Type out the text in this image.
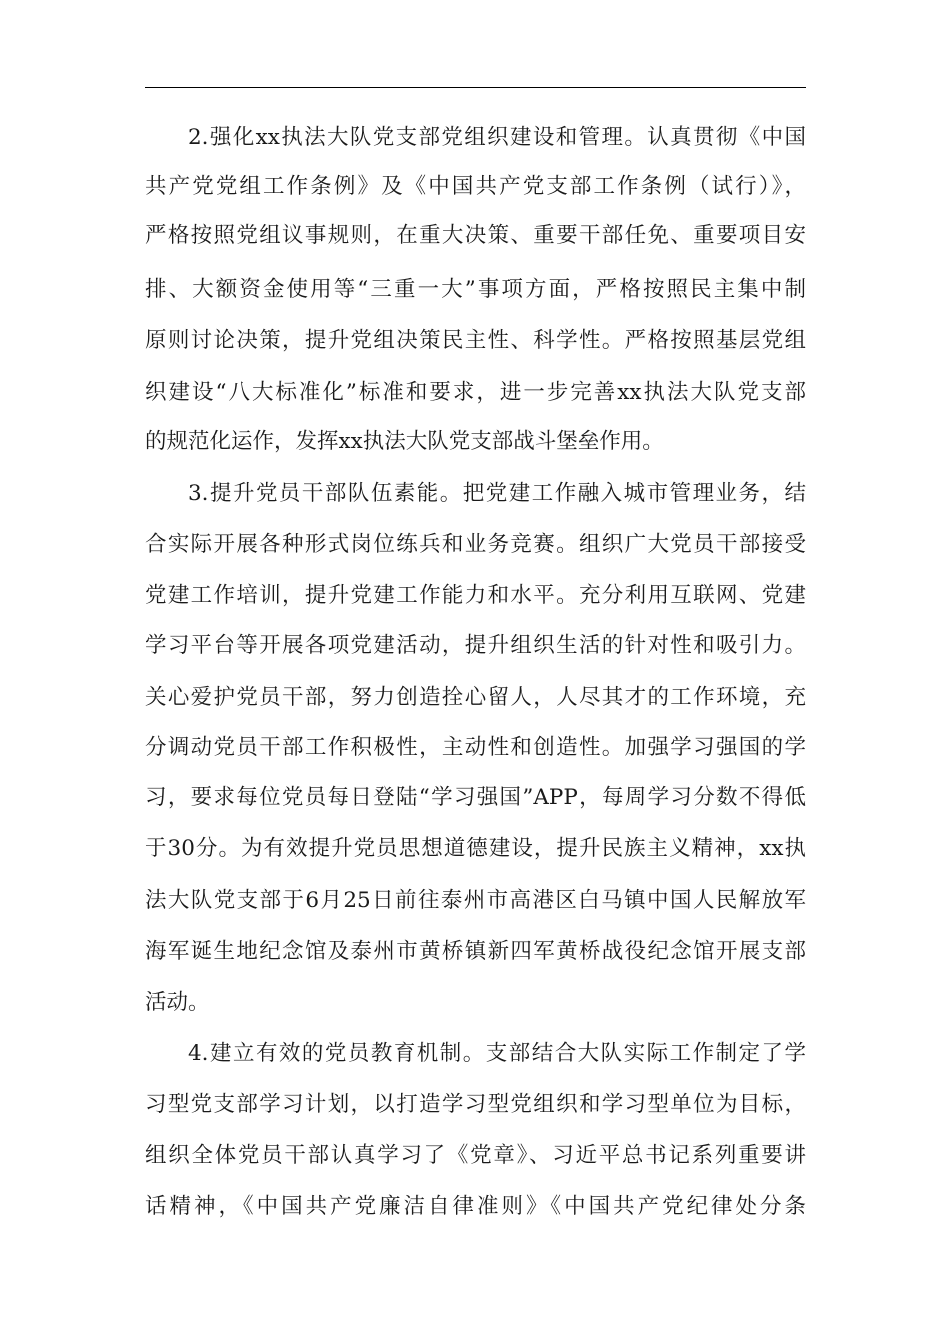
2.强化xx执法大队党支部党组织建设和管理。认真贯彻《中国
共产党党组工作条例》及《中国共产党支部工作条例（试行）》，
严格按照党组议事规则，在重大决策、重要干部任免、重要项目安
排、大额资金使用等“三重一大”事项方面，严格按照民主集中制
原则讨论决策，提升党组决策民主性、科学性。严格按照基层党组
织建设“八大标准化”标准和要求，进一步完善xx执法大队党支部
的规范化运作，发挥xx执法大队党支部战斗堡垒作用。
3.提升党员干部队伍素能。把党建工作融入城市管理业务，结
合实际开展各种形式岗位练兵和业务竞赛。组织广大党员干部接受
党建工作培训，提升党建工作能力和水平。充分利用互联网、党建
学习平台等开展各项党建活动，提升组织生活的针对性和吸引力。
关心爱护党员干部，努力创造拴心留人，人尽其才的工作环境，充
分调动党员干部工作积极性，主动性和创造性。加强学习强国的学
习，要求每位党员每日登陆“学习强国”APP，每周学习分数不得低
于30分。为有效提升党员思想道德建设，提升民族主义精神，xx执
法大队党支部于6月25日前往泰州市高港区白马镇中国人民解放军
海军诞生地纪念馆及泰州市黄桥镇新四军黄桥战役纪念馆开展支部
活动。
4.建立有效的党员教育机制。支部结合大队实际工作制定了学
习型党支部学习计划，以打造学习型党组织和学习型单位为目标，
组织全体党员干部认真学习了《党章》、习近平总书记系列重要讲
话精神，《中国共产党廉洁自律准则》《中国共产党纪律处分条
